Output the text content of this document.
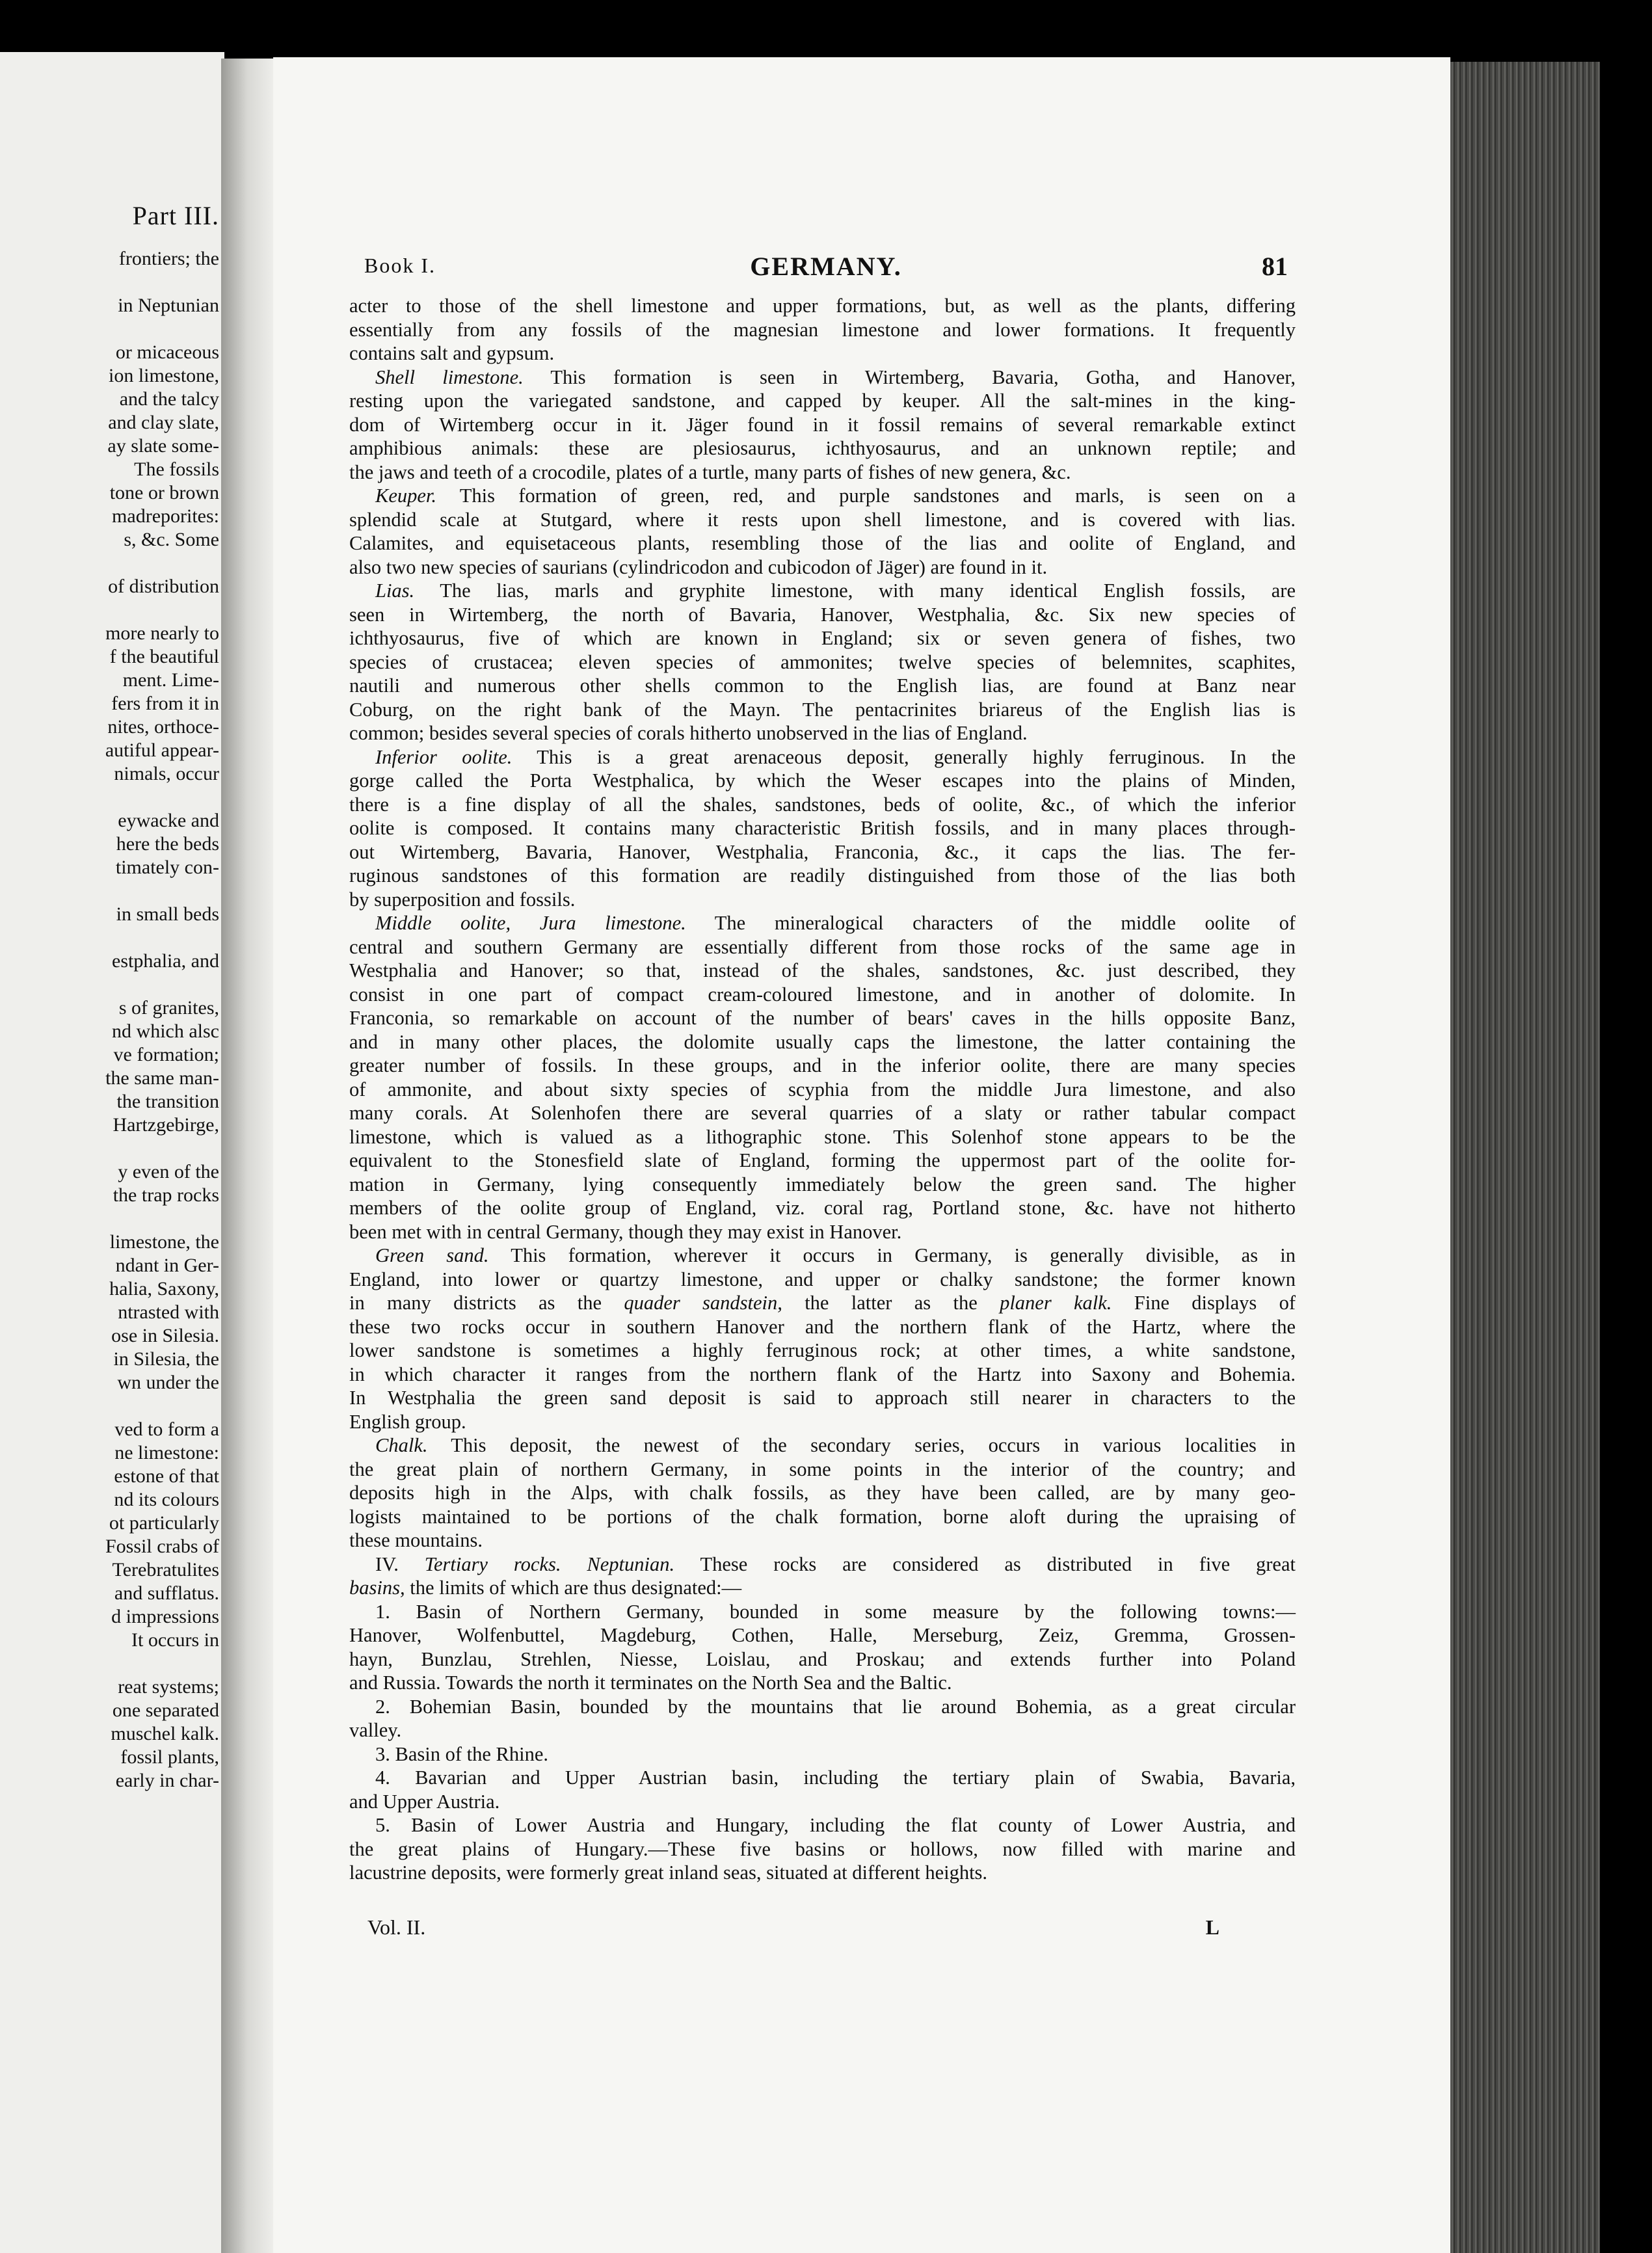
Part III.
frontiers; the
in Neptunian
or micaceous
ion limestone,
and the talcy
and clay slate,
ay slate some-
The fossils
tone or brown
madreporites:
s, &c. Some
of distribution
more nearly to
f the beautiful
ment. Lime-
fers from it in
nites, orthoce-
autiful appear-
nimals, occur
eywacke and
here the beds
timately con-
in small beds
estphalia, and
s of granites,
nd which alsc
ve formation;
the same man-
the transition
Hartzgebirge,
y even of the
the trap rocks
limestone, the
ndant in Ger-
halia, Saxony,
ntrasted with
ose in Silesia.
in Silesia, the
wn under the
ved to form a
ne limestone:
estone of that
nd its colours
ot particularly
Fossil crabs of
Terebratulites
and sufflatus.
d impressions
It occurs in
reat systems;
one separated
muschel kalk.
fossil plants,
early in char-
Book I.	GERMANY.	81
acter to those of the shell limestone and upper formations, but, as well as the plants, differing
essentially from any fossils of the magnesian limestone and lower formations. It frequently
contains salt and gypsum.
Shell limestone. This formation is seen in Wirtemberg, Bavaria, Gotha, and Hanover,
resting upon the variegated sandstone, and capped by keuper. All the salt-mines in the king-
dom of Wirtemberg occur in it. Jäger found in it fossil remains of several remarkable extinct
amphibious animals: these are plesiosaurus, ichthyosaurus, and an unknown reptile; and
the jaws and teeth of a crocodile, plates of a turtle, many parts of fishes of new genera, &c.
Keuper. This formation of green, red, and purple sandstones and marls, is seen on a
splendid scale at Stutgard, where it rests upon shell limestone, and is covered with lias.
Calamites, and equisetaceous plants, resembling those of the lias and oolite of England, and
also two new species of saurians (cylindricodon and cubicodon of Jäger) are found in it.
Lias. The lias, marls and gryphite limestone, with many identical English fossils, are
seen in Wirtemberg, the north of Bavaria, Hanover, Westphalia, &c. Six new species of
ichthyosaurus, five of which are known in England; six or seven genera of fishes, two
species of crustacea; eleven species of ammonites; twelve species of belemnites, scaphites,
nautili and numerous other shells common to the English lias, are found at Banz near
Coburg, on the right bank of the Mayn. The pentacrinites briareus of the English lias is
common; besides several species of corals hitherto unobserved in the lias of England.
Inferior oolite. This is a great arenaceous deposit, generally highly ferruginous. In the
gorge called the Porta Westphalica, by which the Weser escapes into the plains of Minden,
there is a fine display of all the shales, sandstones, beds of oolite, &c., of which the inferior
oolite is composed. It contains many characteristic British fossils, and in many places through-
out Wirtemberg, Bavaria, Hanover, Westphalia, Franconia, &c., it caps the lias. The fer-
ruginous sandstones of this formation are readily distinguished from those of the lias both
by superposition and fossils.
Middle oolite, Jura limestone. The mineralogical characters of the middle oolite of
central and southern Germany are essentially different from those rocks of the same age in
Westphalia and Hanover; so that, instead of the shales, sandstones, &c. just described, they
consist in one part of compact cream-coloured limestone, and in another of dolomite. In
Franconia, so remarkable on account of the number of bears' caves in the hills opposite Banz,
and in many other places, the dolomite usually caps the limestone, the latter containing the
greater number of fossils. In these groups, and in the inferior oolite, there are many species
of ammonite, and about sixty species of scyphia from the middle Jura limestone, and also
many corals. At Solenhofen there are several quarries of a slaty or rather tabular compact
limestone, which is valued as a lithographic stone. This Solenhof stone appears to be the
equivalent to the Stonesfield slate of England, forming the uppermost part of the oolite for-
mation in Germany, lying consequently immediately below the green sand. The higher
members of the oolite group of England, viz. coral rag, Portland stone, &c. have not hitherto
been met with in central Germany, though they may exist in Hanover.
Green sand. This formation, wherever it occurs in Germany, is generally divisible, as in
England, into lower or quartzy limestone, and upper or chalky sandstone; the former known
in many districts as the quader sandstein, the latter as the planer kalk. Fine displays of
these two rocks occur in southern Hanover and the northern flank of the Hartz, where the
lower sandstone is sometimes a highly ferruginous rock; at other times, a white sandstone,
in which character it ranges from the northern flank of the Hartz into Saxony and Bohemia.
In Westphalia the green sand deposit is said to approach still nearer in characters to the
English group.
Chalk. This deposit, the newest of the secondary series, occurs in various localities in
the great plain of northern Germany, in some points in the interior of the country; and
deposits high in the Alps, with chalk fossils, as they have been called, are by many geo-
logists maintained to be portions of the chalk formation, borne aloft during the upraising of
these mountains.
IV. Tertiary rocks. Neptunian. These rocks are considered as distributed in five great
basins, the limits of which are thus designated:—
1. Basin of Northern Germany, bounded in some measure by the following towns:—
Hanover, Wolfenbuttel, Magdeburg, Cothen, Halle, Merseburg, Zeiz, Gremma, Grossen-
hayn, Bunzlau, Strehlen, Niesse, Loislau, and Proskau; and extends further into Poland
and Russia. Towards the north it terminates on the North Sea and the Baltic.
2. Bohemian Basin, bounded by the mountains that lie around Bohemia, as a great circular
valley.
3. Basin of the Rhine.
4. Bavarian and Upper Austrian basin, including the tertiary plain of Swabia, Bavaria,
and Upper Austria.
5. Basin of Lower Austria and Hungary, including the flat county of Lower Austria, and
the great plains of Hungary.—These five basins or hollows, now filled with marine and
lacustrine deposits, were formerly great inland seas, situated at different heights.
Vol. II.	L
